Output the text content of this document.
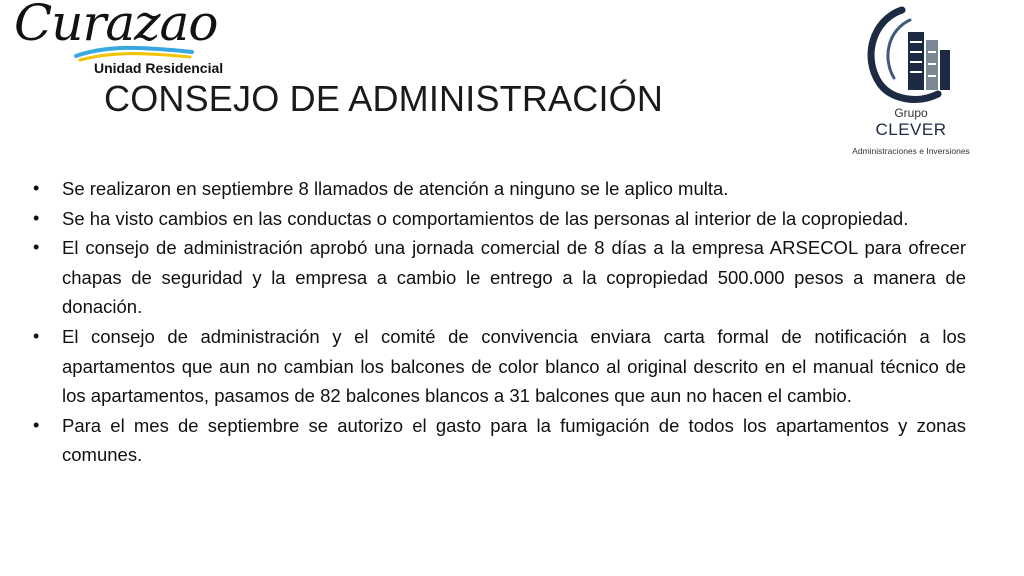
Curazao
Unidad Residencial
Grupo
CLEVER
Administraciones e Inversiones
CONSEJO DE ADMINISTRACIÓN
• Se realizaron en septiembre 8 llamados de atención a ninguno se le aplico multa.
• Se ha visto cambios en las conductas o comportamientos de las personas al interior de la copropiedad.
• El consejo de administración aprobó una jornada comercial de 8 días a la empresa ARSECOL para ofrecer chapas de seguridad y la empresa a cambio le entrego a la copropiedad 500.000 pesos a manera de donación.
• El consejo de administración y el comité de convivencia enviara carta formal de notificación a los apartamentos que aun no cambian los balcones de color blanco al original descrito en el manual técnico de los apartamentos, pasamos de 82 balcones blancos a 31 balcones que aun no hacen el cambio.
• Para el mes de septiembre se autorizo el gasto para la fumigación de todos los apartamentos y zonas comunes.
